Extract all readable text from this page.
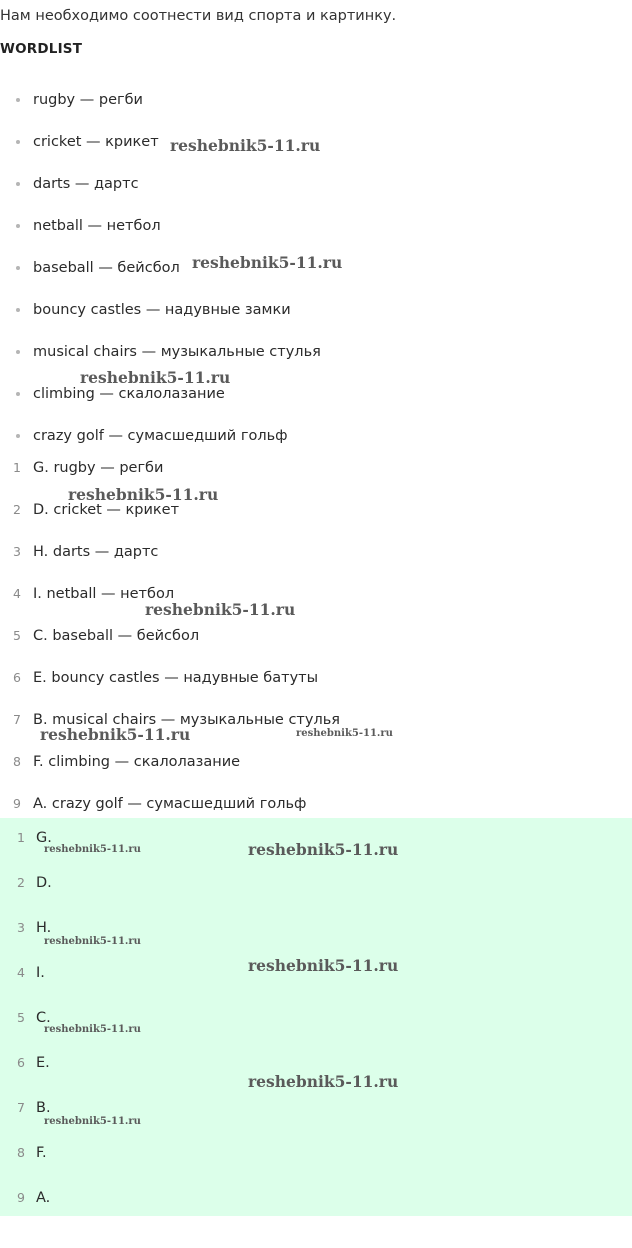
Нам необходимо соотнести вид спорта и картинку.
WORDLIST
rugby — регби
cricket — крикет
darts — дартс
netball — нетбол
baseball — бейсбол
bouncy castles — надувные замки
musical chairs — музыкальные стулья
climbing — скалолазание
crazy golf — сумасшедший гольф
1 G. rugby — регби
2 D. cricket — крикет
3 H. darts — дартс
4 I. netball — нетбол
5 C. baseball — бейсбол
6 E. bouncy castles — надувные батуты
7 B. musical chairs — музыкальные стулья
8 F. climbing — скалолазание
9 A. crazy golf — сумасшедший гольф
1 G.
2 D.
3 H.
4 I.
5 C.
6 E.
7 B.
8 F.
9 A.
reshebnik5-11.ru
reshebnik5-11.ru
reshebnik5-11.ru
reshebnik5-11.ru
reshebnik5-11.ru
reshebnik5-11.ru	reshebnik5-11.ru
reshebnik5-11.ru	reshebnik5-11.ru
reshebnik5-11.ru
reshebnik5-11.ru
reshebnik5-11.ru
reshebnik5-11.ru
reshebnik5-11.ru
